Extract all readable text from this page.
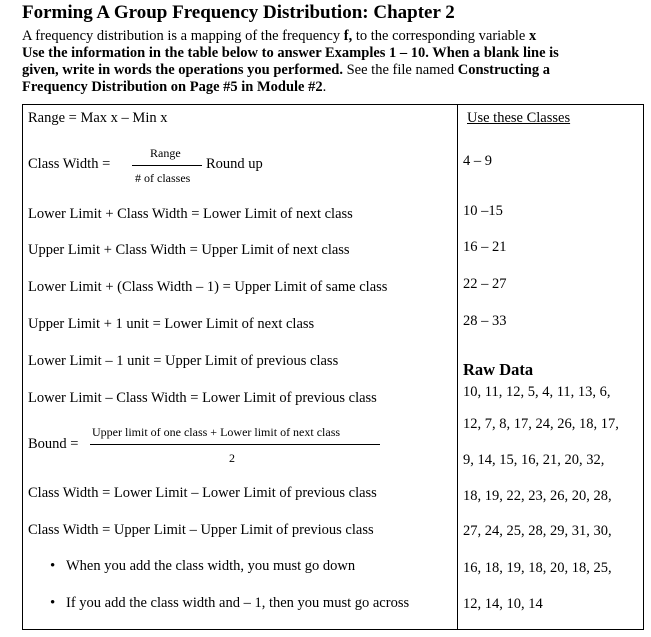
Forming A Group Frequency Distribution: Chapter 2
A frequency distribution is a mapping of the frequency f, to the corresponding variable x
Use the information in the table below to answer Examples 1 – 10. When a blank line is
given, write in words the operations you performed. See the file named Constructing a
Frequency Distribution on Page #5 in Module #2.
Range = Max x – Min x
Class Width =
Range
# of classes
Round up
Lower Limit + Class Width = Lower Limit of next class
Upper Limit + Class Width = Upper Limit of next class
Lower Limit + (Class Width – 1) = Upper Limit of same class
Upper Limit + 1 unit = Lower Limit of next class
Lower Limit – 1 unit = Upper Limit of previous class
Lower Limit – Class Width = Lower Limit of previous class
Bound =
Upper limit of one class + Lower limit of next class
2
Class Width = Lower Limit – Lower Limit of previous class
Class Width = Upper Limit – Upper Limit of previous class
• When you add the class width, you must go down
• If you add the class width and – 1, then you must go across
Use these Classes
4 – 9
10 –15
16 – 21
22 – 27
28 – 33
Raw Data
10, 11, 12, 5, 4, 11, 13, 6,
12, 7, 8, 17, 24, 26, 18, 17,
9, 14, 15, 16, 21, 20, 32,
18, 19, 22, 23, 26, 20, 28,
27, 24, 25, 28, 29, 31, 30,
16, 18, 19, 18, 20, 18, 25,
12, 14, 10, 14
